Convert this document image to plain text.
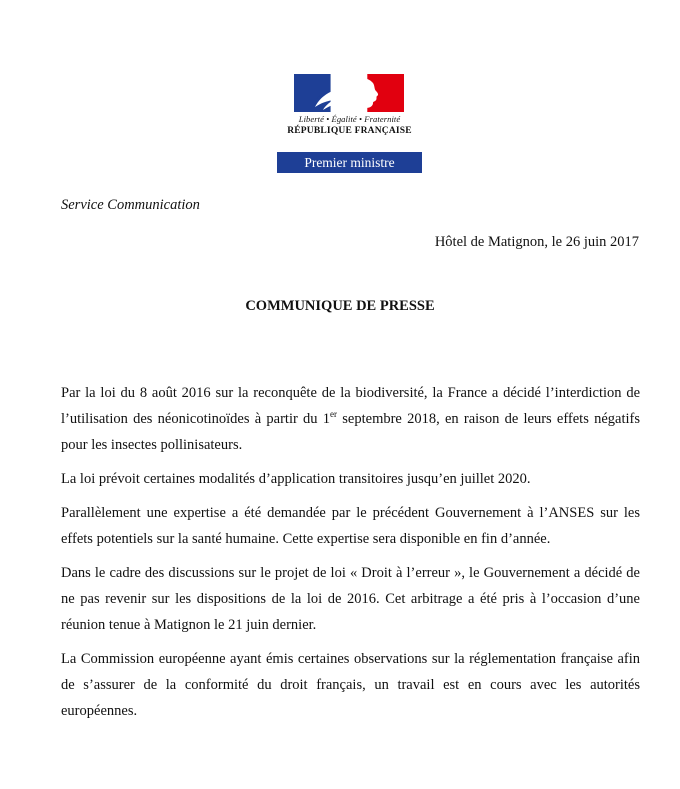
Liberté • Égalité • Fraternité
RÉPUBLIQUE FRANÇAISE
Premier ministre
Service Communication
Hôtel de Matignon, le 26 juin 2017
COMMUNIQUE DE PRESSE

Par la loi du 8 août 2016 sur la reconquête de la biodiversité, la France a décidé l’interdiction de l’utilisation des néonicotinoïdes à partir du 1er septembre 2018, en raison de leurs effets négatifs pour les insectes pollinisateurs.

La loi prévoit certaines modalités d’application transitoires jusqu’en juillet 2020.

Parallèlement une expertise a été demandée par le précédent Gouvernement à l’ANSES sur les effets potentiels sur la santé humaine. Cette expertise sera disponible en fin d’année.

Dans le cadre des discussions sur le projet de loi « Droit à l’erreur », le Gouvernement a décidé de ne pas revenir sur les dispositions de la loi de 2016. Cet arbitrage a été pris à l’occasion d’une réunion tenue à Matignon le 21 juin dernier.

La Commission européenne ayant émis certaines observations sur la réglementation française afin de s’assurer de la conformité du droit français, un travail est en cours avec les autorités européennes.
